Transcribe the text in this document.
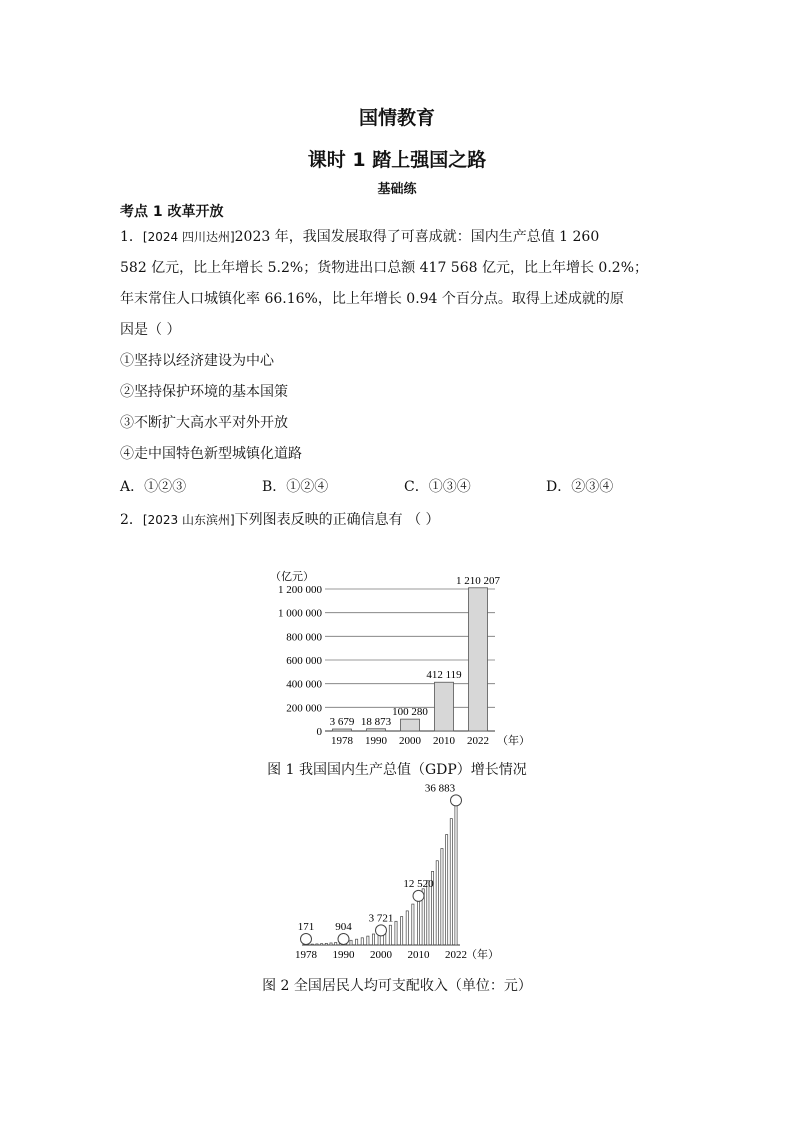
国情教育
课时 1 踏上强国之路
基础练
考点 1 改革开放
1．[2024 四川达州]2023 年，我国发展取得了可喜成就：国内生产总值 1 260
582 亿元，比上年增长 5.2%；货物进出口总额 417 568 亿元，比上年增长 0.2%；
年末常住人口城镇化率 66.16%，比上年增长 0.94 个百分点。取得上述成就的原
因是（ ）
①坚持以经济建设为中心
②坚持保护环境的基本国策
③不断扩大高水平对外开放
④走中国特色新型城镇化道路
A．①②③	B．①②④	C．①③④	D．②③④
2．[2023 山东滨州]下列图表反映的正确信息有 （ ）
（亿元）
0
200 000
400 000
600 000
800 000
1 000 000
1 200 000
3 679
1978
18 873
1990
100 280
2000
412 119
2010
1 210 207
2022 （年）
图 1 我国国内生产总值（GDP）增长情况
171
1978
904
1990
3 721
2000
12 520
2010
36 883
2022 （年）
图 2 全国居民人均可支配收入（单位：元）
